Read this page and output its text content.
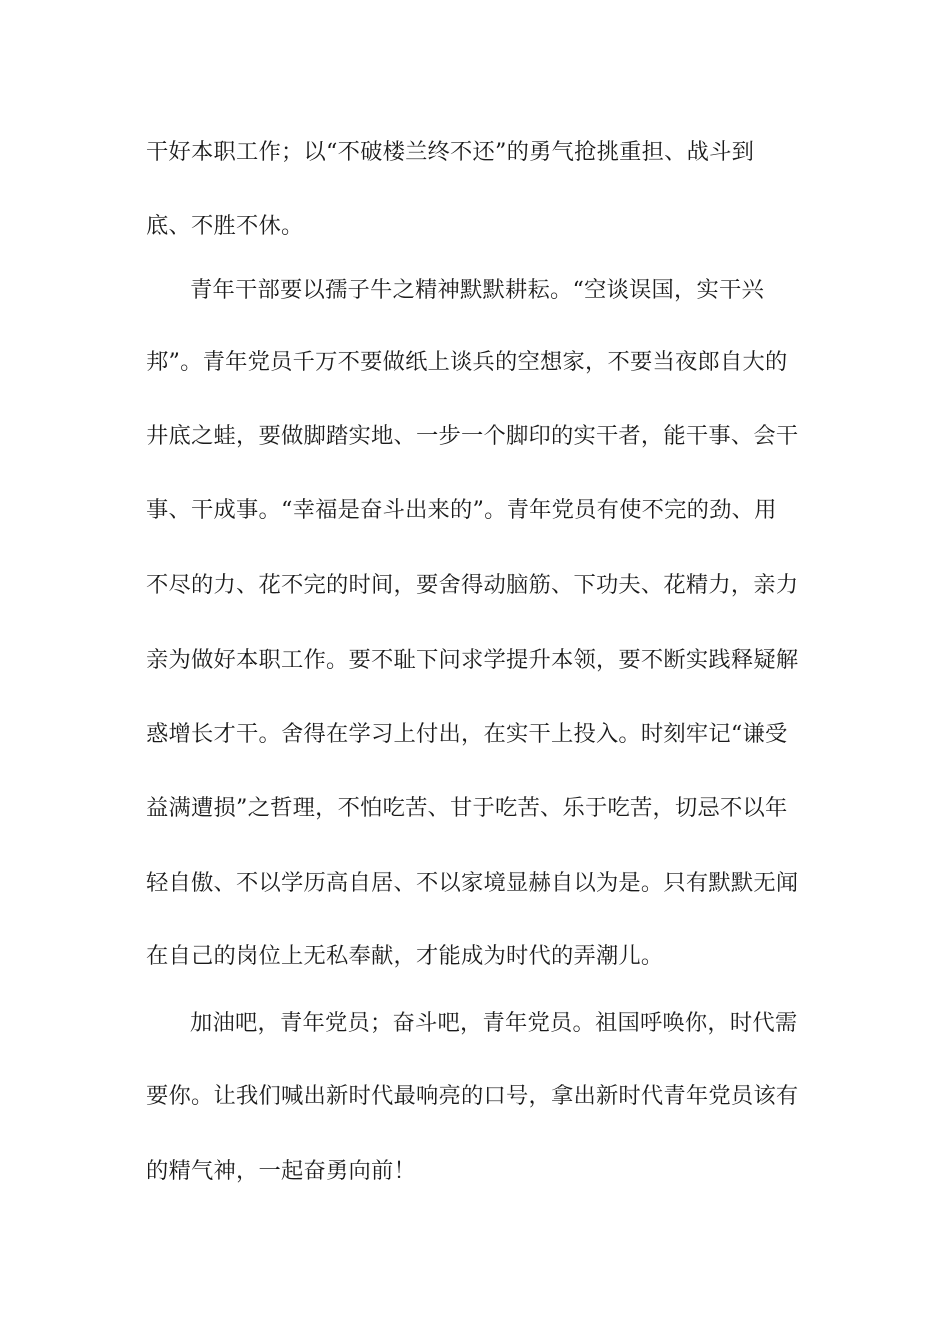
干好本职工作；以“不破楼兰终不还”的勇气抢挑重担、战斗到
底、不胜不休。
青年干部要以孺子牛之精神默默耕耘。“空谈误国，实干兴
邦”。青年党员千万不要做纸上谈兵的空想家，不要当夜郎自大的
井底之蛙，要做脚踏实地、一步一个脚印的实干者，能干事、会干
事、干成事。“幸福是奋斗出来的”。青年党员有使不完的劲、用
不尽的力、花不完的时间，要舍得动脑筋、下功夫、花精力，亲力
亲为做好本职工作。要不耻下问求学提升本领，要不断实践释疑解
惑增长才干。舍得在学习上付出，在实干上投入。时刻牢记“谦受
益满遭损”之哲理，不怕吃苦、甘于吃苦、乐于吃苦，切忌不以年
轻自傲、不以学历高自居、不以家境显赫自以为是。只有默默无闻
在自己的岗位上无私奉献，才能成为时代的弄潮儿。
加油吧，青年党员；奋斗吧，青年党员。祖国呼唤你，时代需
要你。让我们喊出新时代最响亮的口号，拿出新时代青年党员该有
的精气神，一起奋勇向前！
